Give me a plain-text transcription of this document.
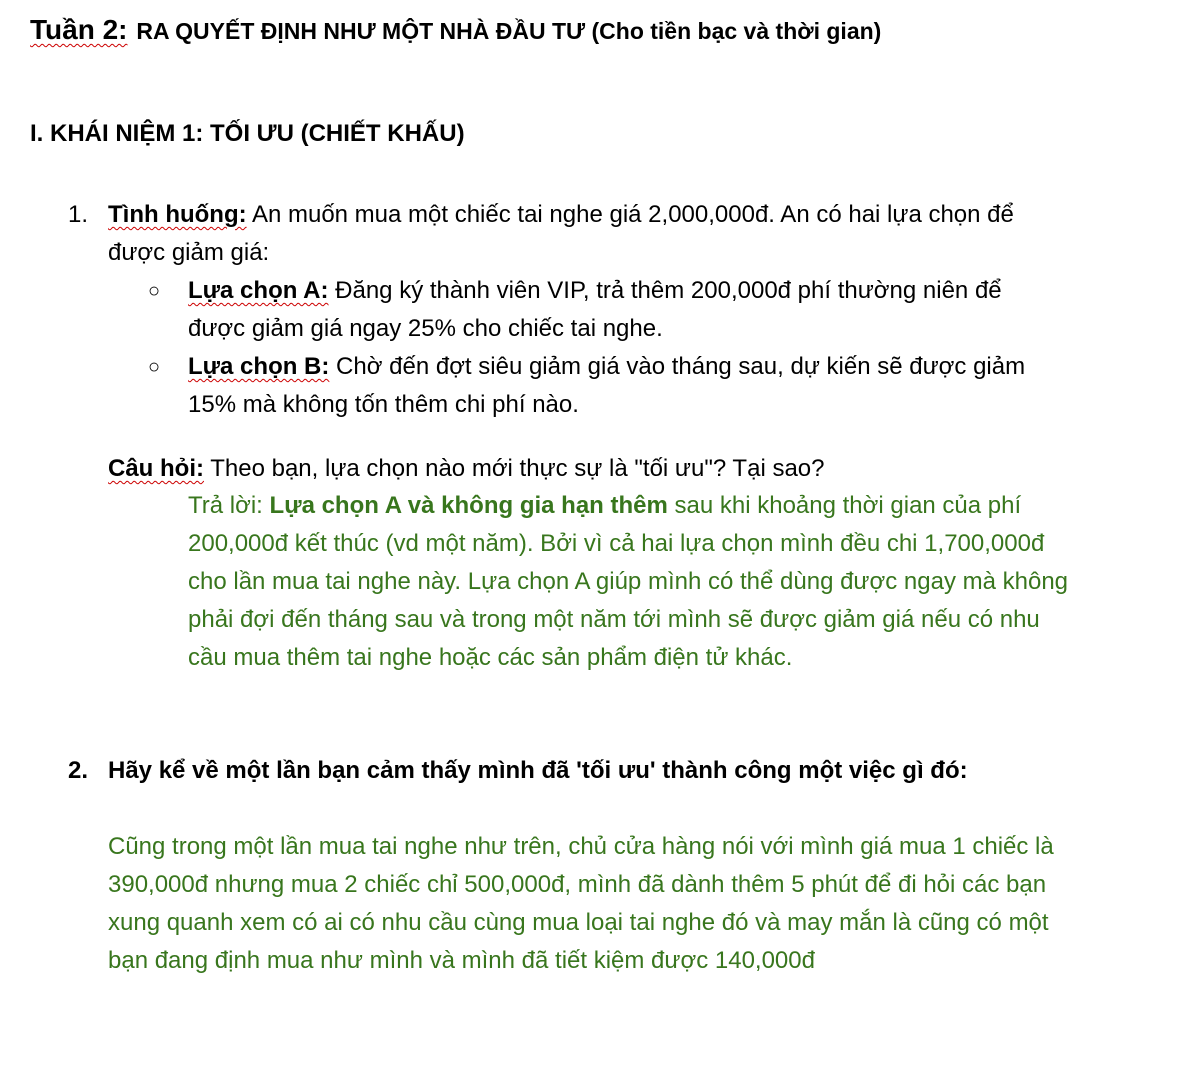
Tuần 2: RA QUYẾT ĐỊNH NHƯ MỘT NHÀ ĐẦU TƯ (Cho tiền bạc và thời gian)
I. KHÁI NIỆM 1: TỐI ƯU (CHIẾT KHẤU)
1. Tình huống: An muốn mua một chiếc tai nghe giá 2,000,000đ. An có hai lựa chọn để được giảm giá:

○ Lựa chọn A: Đăng ký thành viên VIP, trả thêm 200,000đ phí thường niên để được giảm giá ngay 25% cho chiếc tai nghe.

○ Lựa chọn B: Chờ đến đợt siêu giảm giá vào tháng sau, dự kiến sẽ được giảm 15% mà không tốn thêm chi phí nào.

Câu hỏi: Theo bạn, lựa chọn nào mới thực sự là "tối ưu"? Tại sao?

Trả lời: Lựa chọn A và không gia hạn thêm sau khi khoảng thời gian của phí 200,000đ kết thúc (vd một năm). Bởi vì cả hai lựa chọn mình đều chi 1,700,000đ cho lần mua tai nghe này. Lựa chọn A giúp mình có thể dùng được ngay mà không phải đợi đến tháng sau và trong một năm tới mình sẽ được giảm giá nếu có nhu cầu mua thêm tai nghe hoặc các sản phẩm điện tử khác.

2. Hãy kể về một lần bạn cảm thấy mình đã 'tối ưu' thành công một việc gì đó:

Cũng trong một lần mua tai nghe như trên, chủ cửa hàng nói với mình giá mua 1 chiếc là 390,000đ nhưng mua 2 chiếc chỉ 500,000đ, mình đã dành thêm 5 phút để đi hỏi các bạn xung quanh xem có ai có nhu cầu cùng mua loại tai nghe đó và may mắn là cũng có một bạn đang định mua như mình và mình đã tiết kiệm được 140,000đ
